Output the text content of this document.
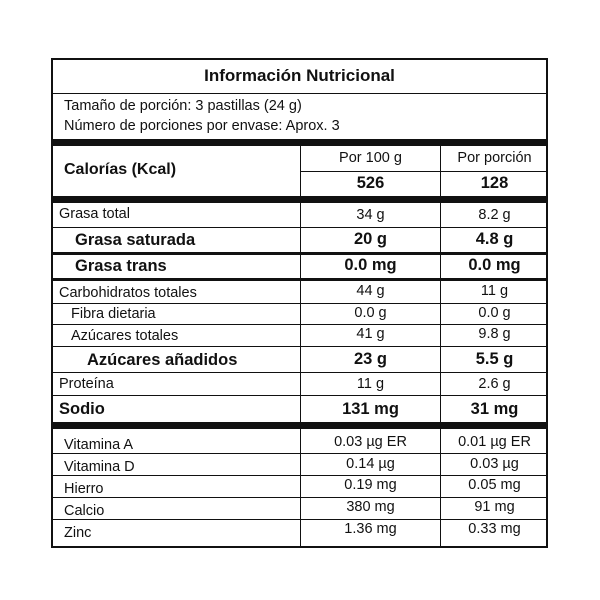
Información Nutricional
Tamaño de porción: 3 pastillas (24 g)
Número de porciones por envase: Aprox. 3
Calorías (Kcal)
Por 100 g	Por porción
526	128
Grasa total	34 g	8.2 g
Grasa saturada	20 g	4.8 g
Grasa trans	0.0 mg	0.0 mg
Carbohidratos totales	44 g	11 g
Fibra dietaria	0.0 g	0.0 g
Azúcares totales	41 g	9.8 g
Azúcares añadidos	23 g	5.5 g
Proteína	11 g	2.6 g
Sodio	131 mg	31 mg
Vitamina A	0.03 µg ER	0.01 µg ER
Vitamina D	0.14 µg	0.03 µg
Hierro	0.19 mg	0.05 mg
Calcio	380 mg	91 mg
Zinc	1.36 mg	0.33 mg
